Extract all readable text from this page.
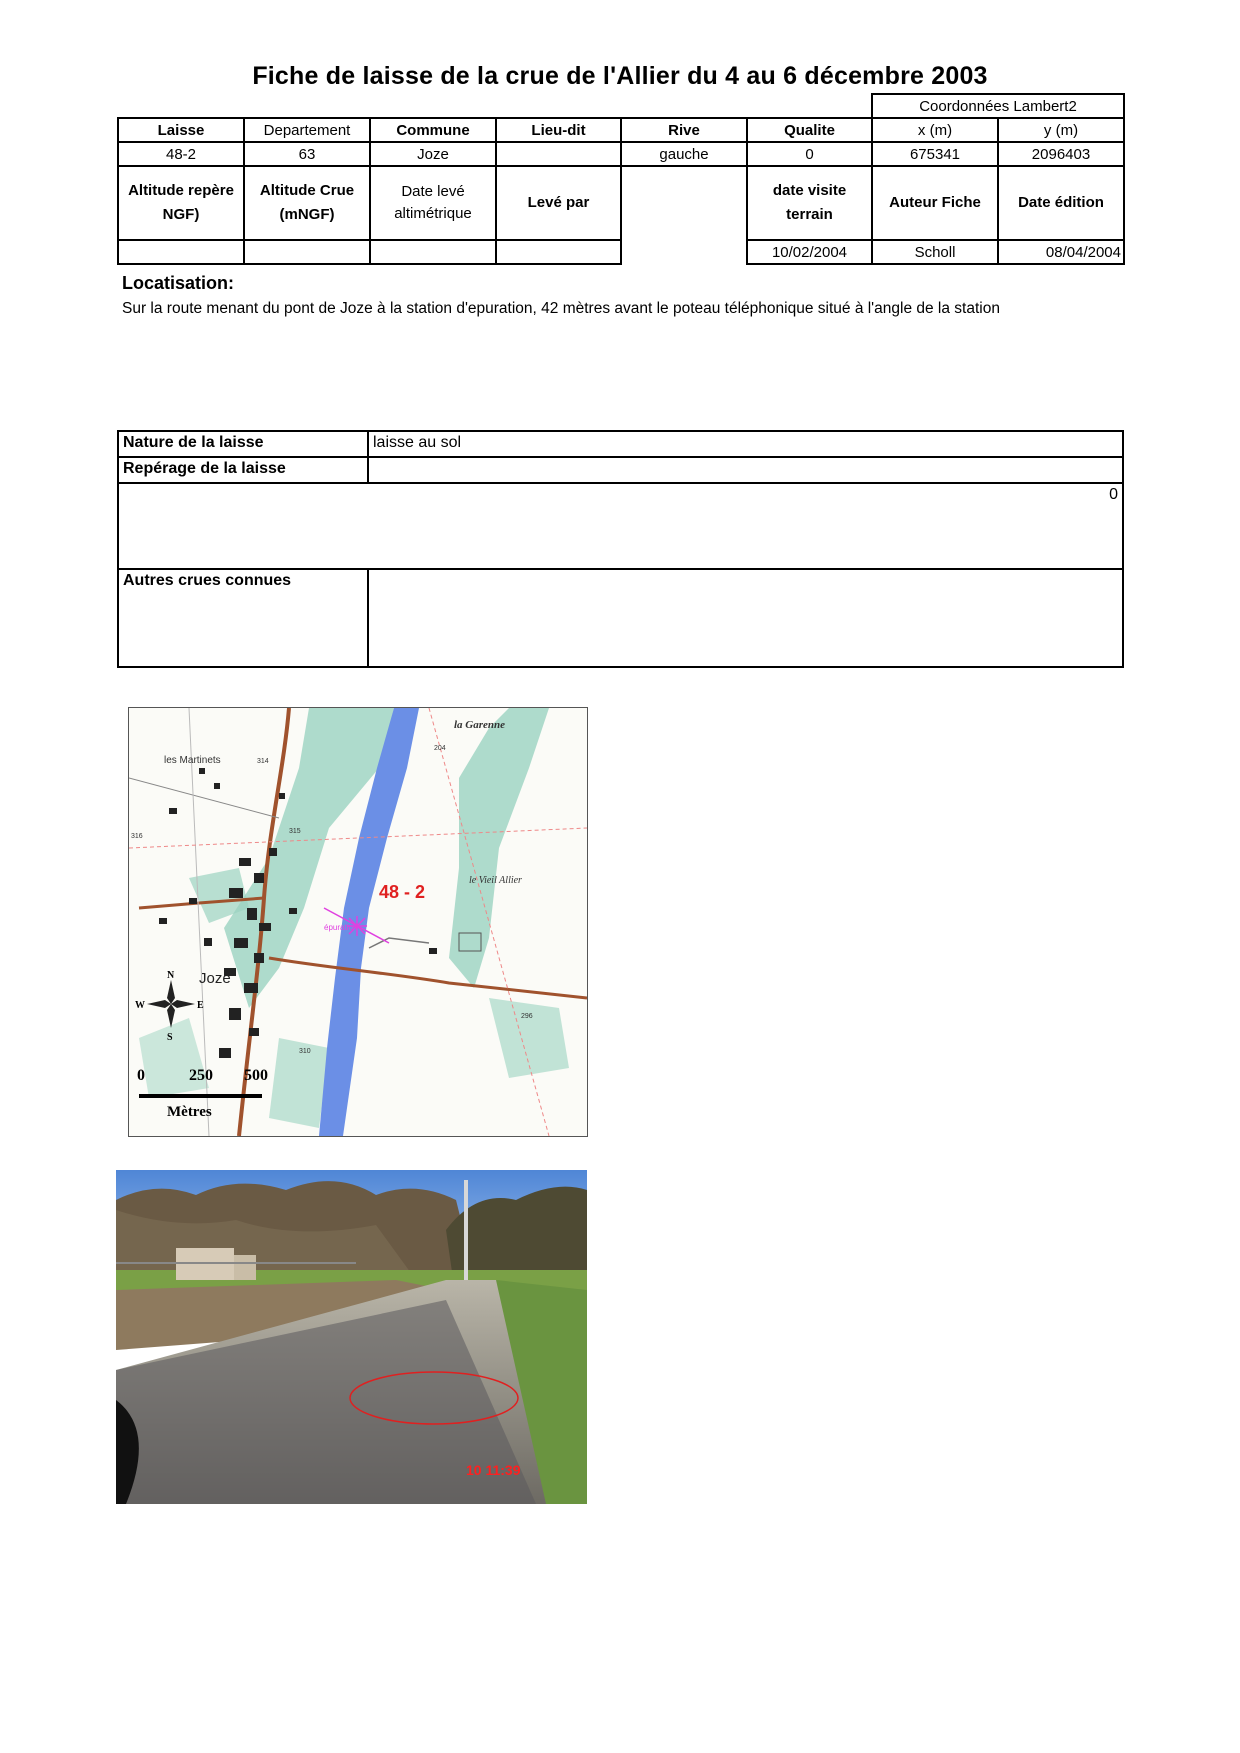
Fiche de laisse de la crue de l'Allier du 4 au 6 décembre 2003
						Coordonnées Lambert2	
Laisse	Departement	Commune	Lieu-dit	Rive	Qualite	x (m)	y (m)
48-2	63	Joze		gauche	0	675341	2096403
Altitude repère NGF)	Altitude Crue (mNGF)	Date levé altimétrique	Levé par		date visite terrain	Auteur Fiche	Date édition
					10/02/2004	Scholl	08/04/2004
Locatisation:
Sur la route menant du pont de Joze à la station d'epuration, 42 mètres avant le poteau téléphonique situé à l'angle de la station
Nature de la laisse	laisse au sol
Repérage de la laisse	
0	
Autres crues connues	
48 - 2
épuration
la Garenne
les Martinets
le Vieil Allier
Joze
314
316
315
204
310
296
N
S
E
W
0	250 500
Mètres
10 11:39
